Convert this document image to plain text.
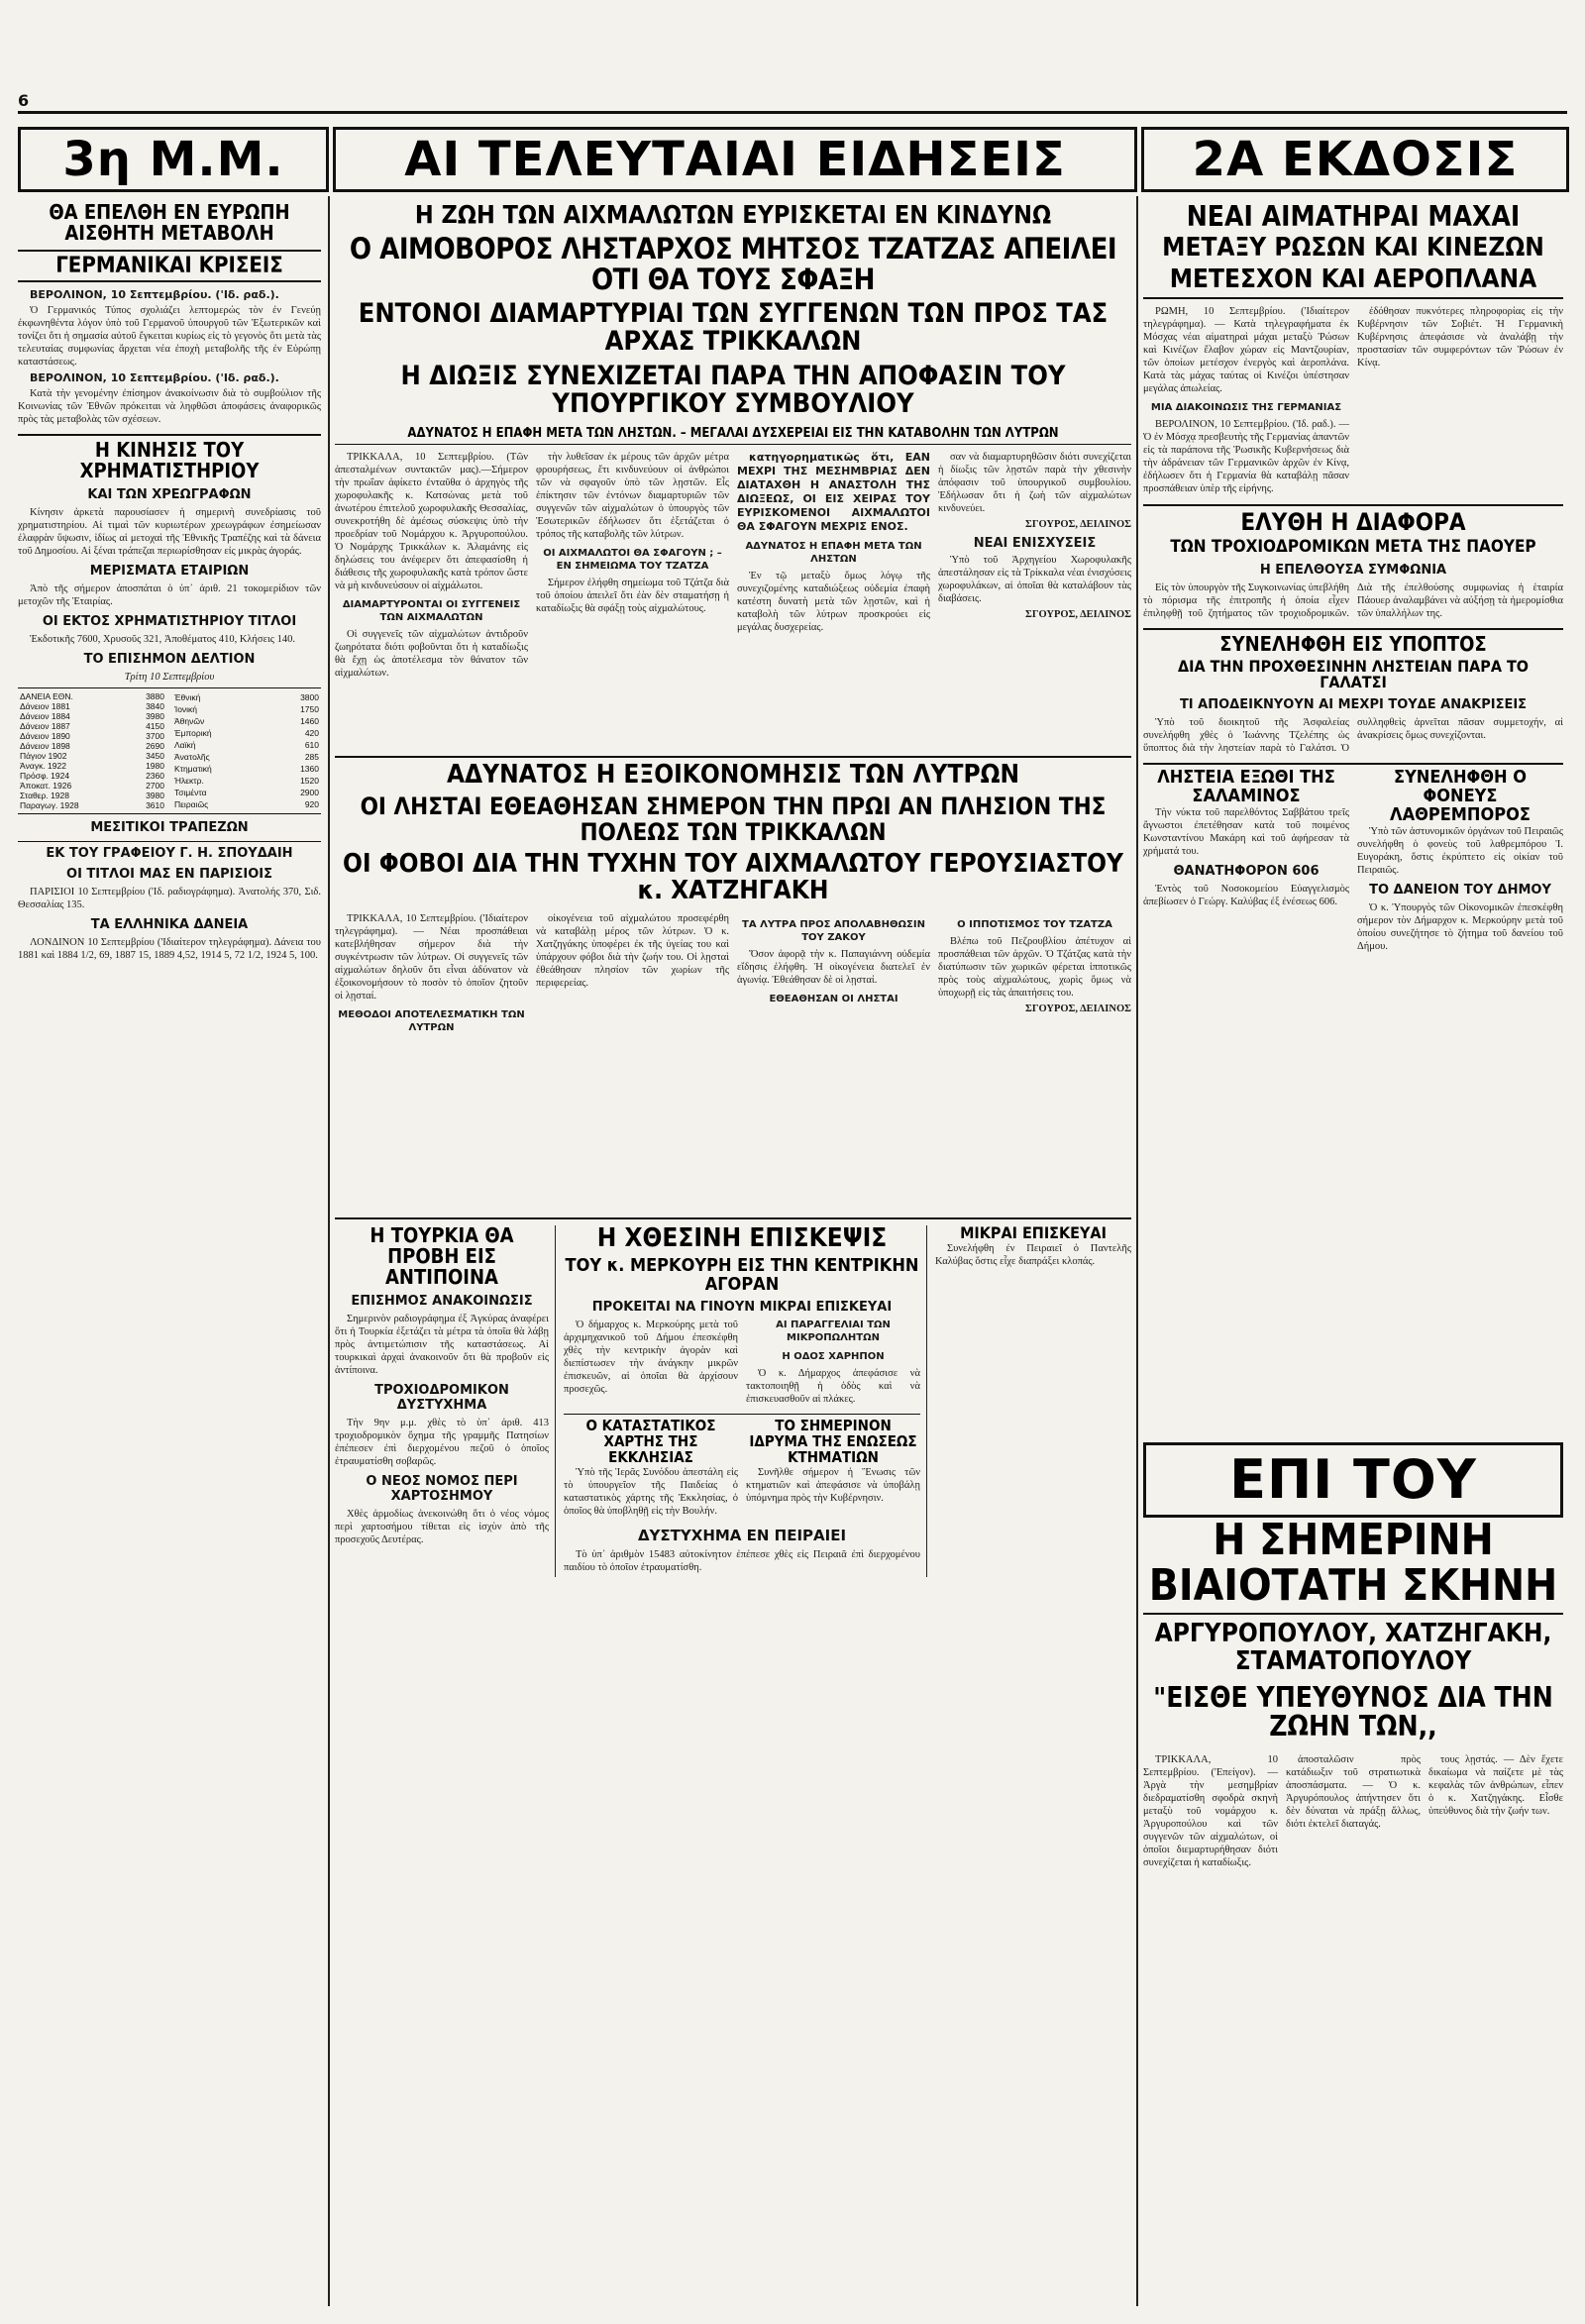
6
3η Μ.Μ.	ΑΙ ΤΕΛΕΥΤΑΙΑΙ ΕΙΔΗΣΕΙΣ	2Α ΕΚΔΟΣΙΣ
ΘΑ ΕΠΕΛΘΗ ΕΝ ΕΥΡΩΠΗ ΑΙΣΘΗΤΗ ΜΕΤΑΒΟΛΗ
ΓΕΡΜΑΝΙΚΑΙ ΚΡΙΣΕΙΣ

ΒΕΡΟΛΙΝΟΝ, 10 Σεπτεμβρίου. ('Ιδ. ραδ.).

Ὁ Γερμανικός Τύπος σχολιάζει λεπτομερώς τὸν ἐν Γενεύῃ ἐκφωνηθέντα λόγον ὑπὸ τοῦ Γερμανοῦ ὑπουργοῦ τῶν Ἐξωτερικῶν καὶ τονίζει ὅτι ἡ σημασία αὐτοῦ ἔγκειται κυρίως εἰς τὸ γεγονὸς ὅτι μετὰ τὰς τελευταίας συμφωνίας ἄρχεται νέα ἐποχὴ μεταβολῆς τῆς ἐν Εὐρώπῃ καταστάσεως.

ΒΕΡΟΛΙΝΟΝ, 10 Σεπτεμβρίου. ('Ιδ. ραδ.).

Κατὰ τὴν γενομένην ἐπίσημον ἀνακοίνωσιν διὰ τὸ συμβούλιον τῆς Κοινωνίας τῶν Ἐθνῶν πρόκειται νὰ ληφθῶσι ἀποφάσεις ἀναφορικῶς πρὸς τὰς μεταβολὰς τῶν σχέσεων.

Η ΚΙΝΗΣΙΣ ΤΟΥ ΧΡΗΜΑΤΙΣΤΗΡΙΟΥ
ΚΑΙ ΤΩΝ ΧΡΕΩΓΡΑΦΩΝ

Κίνησιν ἀρκετὰ παρουσίασεν ἡ σημερινὴ συνεδρίασις τοῦ χρηματιστηρίου. Αἱ τιμαὶ τῶν κυριωτέρων χρεωγράφων ἐσημείωσαν ἐλαφρὰν ὕψωσιν, ἰδίως αἱ μετοχαὶ τῆς Ἐθνικῆς Τραπέζης καὶ τὰ δάνεια τοῦ Δημοσίου. Αἱ ξέναι τράπεζαι περιωρίσθησαν εἰς μικρὰς ἀγοράς.

ΜΕΡΙΣΜΑΤΑ ΕΤΑΙΡΙΩΝ

Ἀπὸ τῆς σήμερον ἀποσπάται ὁ ὑπ᾽ ἀριθ. 21 τοκομερίδιον τῶν μετοχῶν τῆς Ἑταιρίας.

ΟΙ ΕΚΤΟΣ ΧΡΗΜΑΤΙΣΤΗΡΙΟΥ ΤΙΤΛΟΙ

Ἐκδοτικῆς 7600, Χρυσοῦς 321, Ἀποθέματος 410, Κλήσεις 140.

ΤΟ ΕΠΙΣΗΜΟΝ ΔΕΛΤΙΟΝ
Τρίτη 10 Σεπτεμβρίου
ΔΑΝΕΙΑ ΕΘΝ.	3880
Δάνειον 1881	3840
Δάνειον 1884	3980
Δάνειον 1887	4150
Δάνειον 1890	3700
Δάνειον 1898	2690
Πάγιον 1902	3450
Ἀναγκ. 1922	1980
Πρόσφ. 1924	2360
Ἀποκατ. 1926	2700
Σταθερ. 1928	3980
Παραγωγ. 1928	3610
Ἐθνική	3800
Ἰονική	1750
Ἀθηνῶν	1460
Ἐμπορική	420
Λαϊκή	610
Ἀνατολῆς	285
Κτηματική	1360
Ἡλεκτρ.	1520
Τσιμέντα	2900
Πειραιῶς	920
ΜΕΣΙΤΙΚΟΙ ΤΡΑΠΕΖΩΝ
ΕΚ ΤΟΥ ΓΡΑΦΕΙΟΥ Γ. Η. ΣΠΟΥΔΑΙΗ
ΟΙ ΤΙΤΛΟΙ ΜΑΣ ΕΝ ΠΑΡΙΣΙΟΙΣ

ΠΑΡΙΣΙΟΙ 10 Σεπτεμβρίου ('Ιδ. ραδιογράφημα). Ἀνατολής 370, Σιδ. Θεσσαλίας 135.

ΤΑ ΕΛΛΗΝΙΚΑ ΔΑΝΕΙΑ

ΛΟΝΔΙΝΟΝ 10 Σεπτεμβρίου ('Ιδιαίτερον τηλεγράφημα). Δάνεια του 1881 καὶ 1884 1/2, 69, 1887 15, 1889 4,52, 1914 5, 72 1/2, 1924 5, 100.

Η ΖΩΗ ΤΩΝ ΑΙΧΜΑΛΩΤΩΝ ΕΥΡΙΣΚΕΤΑΙ ΕΝ ΚΙΝΔΥΝΩ
Ο ΑΙΜΟΒΟΡΟΣ ΛΗΣΤΑΡΧΟΣ ΜΗΤΣΟΣ ΤΖΑΤΖΑΣ ΑΠΕΙΛΕΙ ΟΤΙ ΘΑ ΤΟΥΣ ΣΦΑΞΗ
ΕΝΤΟΝΟΙ ΔΙΑΜΑΡΤΥΡΙΑΙ ΤΩΝ ΣΥΓΓΕΝΩΝ ΤΩΝ ΠΡΟΣ ΤΑΣ ΑΡΧΑΣ ΤΡΙΚΚΑΛΩΝ
Η ΔΙΩΞΙΣ ΣΥΝΕΧΙΖΕΤΑΙ ΠΑΡΑ ΤΗΝ ΑΠΟΦΑΣΙΝ ΤΟΥ ΥΠΟΥΡΓΙΚΟΥ ΣΥΜΒΟΥΛΙΟΥ
ΑΔΥΝΑΤΟΣ Η ΕΠΑΦΗ ΜΕΤΑ ΤΩΝ ΛΗΣΤΩΝ. – ΜΕΓΑΛΑΙ ΔΥΣΧΕΡΕΙΑΙ ΕΙΣ ΤΗΝ ΚΑΤΑΒΟΛΗΝ ΤΩΝ ΛΥΤΡΩΝ

ΤΡΙΚΚΑΛΑ, 10 Σεπτεμβρίου. (Τῶν ἀπεσταλμένων συντακτῶν μας).—Σήμερον τὴν πρωΐαν ἀφίκετο ἐνταῦθα ὁ ἀρχηγὸς τῆς χωροφυλακῆς κ. Κατσώνας μετὰ τοῦ ἀνωτέρου ἐπιτελοῦ χωροφυλακῆς Θεσσαλίας, συνεκροτήθη δὲ ἀμέσως σύσκεψις ὑπὸ τὴν προεδρίαν τοῦ Νομάρχου κ. Ἀργυροπούλου. Ὁ Νομάρχης Τρικκάλων κ. Ἀλαμάνης εἰς δηλώσεις του ἀνέφερεν ὅτι ἀπεφασίσθη ἡ διάθεσις τῆς χωροφυλακῆς κατὰ τρόπον ὥστε νὰ μὴ κινδυνεύσουν οἱ αἰχμάλωτοι.

ΔΙΑΜΑΡΤΥΡΟΝΤΑΙ ΟΙ ΣΥΓΓΕΝΕΙΣ ΤΩΝ ΑΙΧΜΑΛΩΤΩΝ

Οἱ συγγενεῖς τῶν αἰχμαλώτων ἀντιδροῦν ζωηρότατα διότι φοβοῦνται ὅτι ἡ καταδίωξις θὰ ἔχῃ ὡς ἀποτέλεσμα τὸν θάνατον τῶν αἰχμαλώτων.

τὴν λυθεῖσαν ἐκ μέρους τῶν ἀρχῶν μέτρα φρουρήσεως, ἔτι κινδυνεύουν οἱ ἀνθρώποι τῶν νὰ σφαγοῦν ὑπὸ τῶν λῃστῶν. Εἶς ἐπίκτησιν τῶν ἐντόνων διαμαρτυριῶν τῶν συγγενῶν τῶν αἰχμαλώτων ὁ ὑπουργὸς τῶν Ἐσωτερικῶν ἐδήλωσεν ὅτι ἐξετάζεται ὁ τρόπος τῆς καταβολῆς τῶν λύτρων.

ΟΙ ΑΙΧΜΑΛΩΤΟΙ ΘΑ ΣΦΑΓΟΥΝ ; – ΕΝ ΣΗΜΕΙΩΜΑ ΤΟΥ ΤΖΑΤΖΑ

Σήμερον ἐλήφθη σημείωμα τοῦ Τζάτζα διὰ τοῦ ὁποίου ἀπειλεῖ ὅτι ἐὰν δὲν σταματήσῃ ἡ καταδίωξις θὰ σφάξῃ τοὺς αἰχμαλώτους.

κατηγορηματικῶς ὅτι, ΕΑΝ ΜΕΧΡΙ ΤΗΣ ΜΕΣΗΜΒΡΙΑΣ ΔΕΝ ΔΙΑΤΑΧΘΗ Η ΑΝΑΣΤΟΛΗ ΤΗΣ ΔΙΩΞΕΩΣ, ΟΙ ΕΙΣ ΧΕΙΡΑΣ ΤΟΥ ΕΥΡΙΣΚΟΜΕΝΟΙ ΑΙΧΜΑΛΩΤΟΙ ΘΑ ΣΦΑΓΟΥΝ ΜΕΧΡΙΣ ΕΝΟΣ.

ΑΔΥΝΑΤΟΣ Η ΕΠΑΦΗ ΜΕΤΑ ΤΩΝ ΛΗΣΤΩΝ

Ἐν τῷ μεταξὺ ὅμως λόγῳ τῆς συνεχιζομένης καταδιώξεως οὐδεμία ἐπαφὴ κατέστη δυνατὴ μετὰ τῶν λῃστῶν, καὶ ἡ καταβολὴ τῶν λύτρων προσκρούει εἰς μεγάλας δυσχερείας.

σαν νὰ διαμαρτυρηθῶσιν διότι συνεχίζεται ἡ δίωξις τῶν λῃστῶν παρὰ τὴν χθεσινὴν ἀπόφασιν τοῦ ὑπουργικοῦ συμβουλίου. Ἐδήλωσαν ὅτι ἡ ζωὴ τῶν αἰχμαλώτων κινδυνεύει.

ΣΓΟΥΡΟΣ, ΔΕΙΛΙΝΟΣ

ΝΕΑΙ ΕΝΙΣΧΥΣΕΙΣ

Ὑπὸ τοῦ Ἀρχηγείου Χωροφυλακῆς ἀπεστάλησαν εἰς τὰ Τρίκκαλα νέαι ἐνισχύσεις χωροφυλάκων, αἱ ὁποῖαι θὰ καταλάβουν τὰς διαβάσεις.

ΣΓΟΥΡΟΣ, ΔΕΙΛΙΝΟΣ

ΑΔΥΝΑΤΟΣ Η ΕΞΟΙΚΟΝΟΜΗΣΙΣ ΤΩΝ ΛΥΤΡΩΝ
ΟΙ ΛΗΣΤΑΙ ΕΘΕΑΘΗΣΑΝ ΣΗΜΕΡΟΝ ΤΗΝ ΠΡΩΙ ΑΝ ΠΛΗΣΙΟΝ ΤΗΣ ΠΟΛΕΩΣ ΤΩΝ ΤΡΙΚΚΑΛΩΝ
ΟΙ ΦΟΒΟΙ ΔΙΑ ΤΗΝ ΤΥΧΗΝ ΤΟΥ ΑΙΧΜΑΛΩΤΟΥ ΓΕΡΟΥΣΙΑΣΤΟΥ κ. ΧΑΤΖΗΓΑΚΗ

ΤΡΙΚΚΑΛΑ, 10 Σεπτεμβρίου. ('Ιδιαίτερον τηλεγράφημα). — Νέαι προσπάθειαι κατεβλήθησαν σήμερον διὰ τὴν συγκέντρωσιν τῶν λύτρων. Οἱ συγγενεῖς τῶν αἰχμαλώτων δηλοῦν ὅτι εἶναι ἀδύνατον νὰ ἐξοικονομήσουν τὸ ποσὸν τὸ ὁποῖον ζητοῦν οἱ λῃσταί.

ΜΕΘΟΔΟΙ ΑΠΟΤΕΛΕΣΜΑΤΙΚΗ ΤΩΝ ΛΥΤΡΩΝ

οἰκογένεια τοῦ αἰχμαλώτου προσεφέρθη νὰ καταβάλῃ μέρος τῶν λύτρων. Ὁ κ. Χατζηγάκης ὑποφέρει ἐκ τῆς ὑγείας του καὶ ὑπάρχουν φόβοι διὰ τὴν ζωήν του. Οἱ λῃσταὶ ἐθεάθησαν πλησίον τῶν χωρίων τῆς περιφερείας.

ΤΑ ΛΥΤΡΑ ΠΡΟΣ ΑΠΟΛΑΒΗΘΩΣΙΝ ΤΟΥ ΖΑΚΟΥ

Ὅσον ἀφορᾷ τὴν κ. Παπαγιάννη οὐδεμία εἴδησις ἐλήφθη. Ἡ οἰκογένεια διατελεῖ ἐν ἀγωνίᾳ. Ἐθεάθησαν δὲ οἱ λῃσταί.

ΕΘΕΑΘΗΣΑΝ ΟΙ ΛΗΣΤΑΙ
Ο ΙΠΠΟΤΙΣΜΟΣ ΤΟΥ ΤΖΑΤΖΑ

Βλέπω τοῦ Πεζρουβλίου ἀπέτυχον αἱ προσπάθειαι τῶν ἀρχῶν. Ὁ Τζάτζας κατὰ τὴν διατύπωσιν τῶν χωρικῶν φέρεται ἱπποτικῶς πρὸς τοὺς αἰχμαλώτους, χωρὶς ὅμως νὰ ὑποχωρῇ εἰς τὰς ἀπαιτήσεις του.

ΣΓΟΥΡΟΣ, ΔΕΙΛΙΝΟΣ

Η ΤΟΥΡΚΙΑ ΘΑ ΠΡΟΒΗ ΕΙΣ ΑΝΤΙΠΟΙΝΑ
ΕΠΙΣΗΜΟΣ ΑΝΑΚΟΙΝΩΣΙΣ

Σημερινὸν ραδιογράφημα ἐξ Ἀγκύρας ἀναφέρει ὅτι ἡ Τουρκία ἐξετάζει τὰ μέτρα τὰ ὁποῖα θὰ λάβῃ πρὸς ἀντιμετώπισιν τῆς καταστάσεως. Αἱ τουρκικαὶ ἀρχαὶ ἀνακοινοῦν ὅτι θὰ προβοῦν εἰς ἀντίποινα.

ΤΡΟΧΙΟΔΡΟΜΙΚΟΝ ΔΥΣΤΥΧΗΜΑ

Τὴν 9ην μ.μ. χθὲς τὸ ὑπ᾽ ἀριθ. 413 τροχιοδρομικὸν ὄχημα τῆς γραμμῆς Πατησίων ἐπέπεσεν ἐπὶ διερχομένου πεζοῦ ὁ ὁποῖος ἐτραυματίσθη σοβαρῶς.

Ο ΝΕΟΣ ΝΟΜΟΣ ΠΕΡΙ ΧΑΡΤΟΣΗΜΟΥ

Χθὲς ἀρμοδίως ἀνεκοινώθη ὅτι ὁ νέος νόμος περὶ χαρτοσήμου τίθεται εἰς ἰσχὺν ἀπὸ τῆς προσεχοῦς Δευτέρας.

Η ΧΘΕΣΙΝΗ ΕΠΙΣΚΕΨΙΣ
ΤΟΥ κ. ΜΕΡΚΟΥΡΗ ΕΙΣ ΤΗΝ ΚΕΝΤΡΙΚΗΝ ΑΓΟΡΑΝ
ΠΡΟΚΕΙΤΑΙ ΝΑ ΓΙΝΟΥΝ ΜΙΚΡΑΙ ΕΠΙΣΚΕΥΑΙ

Ὁ δήμαρχος κ. Μερκούρης μετὰ τοῦ ἀρχιμηχανικοῦ τοῦ Δήμου ἐπεσκέφθη χθὲς τὴν κεντρικὴν ἀγορὰν καὶ διεπίστωσεν τὴν ἀνάγκην μικρῶν ἐπισκευῶν, αἱ ὁποῖαι θὰ ἀρχίσουν προσεχῶς.

ΑΙ ΠΑΡΑΓΓΕΛΙΑΙ ΤΩΝ ΜΙΚΡΟΠΩΛΗΤΩΝ
Η ΟΔΟΣ ΧΑΡΗΠΟΝ

Ὁ κ. Δήμαρχος ἀπεφάσισε νὰ τακτοποιηθῇ ἡ ὁδὸς καὶ νὰ ἐπισκευασθοῦν αἱ πλάκες.

Ο ΚΑΤΑΣΤΑΤΙΚΟΣ ΧΑΡΤΗΣ ΤΗΣ ΕΚΚΛΗΣΙΑΣ

Ὑπὸ τῆς Ἱερᾶς Συνόδου ἀπεστάλη εἰς τὸ ὑπουργεῖον τῆς Παιδείας ὁ καταστατικὸς χάρτης τῆς Ἐκκλησίας, ὁ ὁποῖος θὰ ὑποβληθῇ εἰς τὴν Βουλήν.

ΤΟ ΣΗΜΕΡΙΝΟΝ ΙΔΡΥΜΑ ΤΗΣ ΕΝΩΣΕΩΣ ΚΤΗΜΑΤΙΩΝ

Συνῆλθε σήμερον ἡ Ἕνωσις τῶν κτηματιῶν καὶ ἀπεφάσισε νὰ ὑποβάλῃ ὑπόμνημα πρὸς τὴν Κυβέρνησιν.

ΔΥΣΤΥΧΗΜΑ ΕΝ ΠΕΙΡΑΙΕΙ

Τὸ ὑπ᾽ ἀριθμὸν 15483 αὐτοκίνητον ἐπέπεσε χθὲς εἰς Πειραιᾶ ἐπὶ διερχομένου παιδίου τὸ ὁποῖον ἐτραυματίσθη.

ΜΙΚΡΑΙ ΕΠΙΣΚΕΥΑΙ

Συνελήφθη ἐν Πειραιεῖ ὁ Παντελῆς Καλύβας ὅστις εἶχε διαπράξει κλοπάς.

ΝΕΑΙ ΑΙΜΑΤΗΡΑΙ ΜΑΧΑΙ
ΜΕΤΑΞΥ ΡΩΣΩΝ ΚΑΙ ΚΙΝΕΖΩΝ
ΜΕΤΕΣΧΟΝ ΚΑΙ ΑΕΡΟΠΛΑΝΑ

ΡΩΜΗ, 10 Σεπτεμβρίου. ('Ιδιαίτερον τηλεγράφημα). — Κατὰ τηλεγραφήματα ἐκ Μόσχας νέαι αἱματηραὶ μάχαι μεταξὺ Ῥώσων καὶ Κινέζων ἔλαβον χώραν εἰς Μαντζουρίαν, τῶν ὁποίων μετέσχον ἐνεργὸς καὶ ἀεροπλάνα. Κατὰ τὰς μάχας ταύτας οἱ Κινέζοι ὑπέστησαν μεγάλας ἀπωλείας.

ΜΙΑ ΔΙΑΚΟΙΝΩΣΙΣ ΤΗΣ ΓΕΡΜΑΝΙΑΣ

ΒΕΡΟΛΙΝΟΝ, 10 Σεπτεμβρίου. ('Ιδ. ραδ.). — Ὁ ἐν Μόσχᾳ πρεσβευτὴς τῆς Γερμανίας ἀπαντῶν εἰς τὰ παράπονα τῆς Ῥωσικῆς Κυβερνήσεως διὰ τὴν ἀδράνειαν τῶν Γερμανικῶν ἀρχῶν ἐν Κίνᾳ, ἐδήλωσεν ὅτι ἡ Γερμανία θὰ καταβάλῃ πᾶσαν προσπάθειαν ὑπὲρ τῆς εἰρήνης.

ἐδόθησαν πυκνότερες πληροφορίας εἰς τὴν Κυβέρνησιν τῶν Σοβιέτ. Ἡ Γερμανικὴ Κυβέρνησις ἀπεφάσισε νὰ ἀναλάβῃ τὴν προστασίαν τῶν συμφερόντων τῶν Ῥώσων ἐν Κίνᾳ.

ΕΛΥΘΗ Η ΔΙΑΦΟΡΑ
ΤΩΝ ΤΡΟΧΙΟΔΡΟΜΙΚΩΝ ΜΕΤΑ ΤΗΣ ΠΑΟΥΕΡ
Η ΕΠΕΛΘΟΥΣΑ ΣΥΜΦΩΝΙΑ

Εἰς τὸν ὑπουργὸν τῆς Συγκοινωνίας ὑπεβλήθη τὸ πόρισμα τῆς ἐπιτροπῆς ἡ ὁποία εἶχεν ἐπιληφθῇ τοῦ ζητήματος τῶν τροχιοδρομικῶν. Διὰ τῆς ἐπελθούσης συμφωνίας ἡ ἑταιρία Πάουερ ἀναλαμβάνει νὰ αὐξήσῃ τὰ ἡμερομίσθια τῶν ὑπαλλήλων της.

ΣΥΝΕΛΗΦΘΗ ΕΙΣ ΥΠΟΠΤΟΣ
ΔΙΑ ΤΗΝ ΠΡΟΧΘΕΣΙΝΗΝ ΛΗΣΤΕΙΑΝ ΠΑΡΑ ΤΟ ΓΑΛΑΤΣΙ
ΤΙ ΑΠΟΔΕΙΚΝΥΟΥΝ ΑΙ ΜΕΧΡΙ ΤΟΥΔΕ ΑΝΑΚΡΙΣΕΙΣ

Ὑπὸ τοῦ διοικητοῦ τῆς Ἀσφαλείας συνελήφθη χθὲς ὁ Ἰωάννης Τζελέπης ὡς ὕποπτος διὰ τὴν ληστείαν παρὰ τὸ Γαλάτσι. Ὁ συλληφθεὶς ἀρνεῖται πᾶσαν συμμετοχήν, αἱ ἀνακρίσεις ὅμως συνεχίζονται.

ΛΗΣΤΕΙΑ ΕΞΩΘΙ ΤΗΣ ΣΑΛΑΜΙΝΟΣ

Τὴν νύκτα τοῦ παρελθόντος Σαββάτου τρεῖς ἄγνωστοι ἐπετέθησαν κατὰ τοῦ ποιμένος Κωνσταντίνου Μακάρη καὶ τοῦ ἀφήρεσαν τὰ χρήματά του.

ΘΑΝΑΤΗΦΟΡΟΝ 606

Ἐντὸς τοῦ Νοσοκομείου Εὐαγγελισμὸς ἀπεβίωσεν ὁ Γεώργ. Καλύβας ἐξ ἐνέσεως 606.

ΣΥΝΕΛΗΦΘΗ Ο ΦΟΝΕΥΣ ΛΑΘΡΕΜΠΟΡΟΣ

Ὑπὸ τῶν ἀστυνομικῶν ὀργάνων τοῦ Πειραιῶς συνελήφθη ὁ φονεὺς τοῦ λαθρεμπόρου Ἰ. Ευγοράκη, ὅστις ἐκρύπτετο εἰς οἰκίαν τοῦ Πειραιῶς.

ΤΟ ΔΑΝΕΙΟΝ ΤΟΥ ΔΗΜΟΥ

Ὁ κ. Ὑπουργὸς τῶν Οἰκονομικῶν ἐπεσκέφθη σήμερον τὸν Δήμαρχον κ. Μερκούρην μετὰ τοῦ ὁποίου συνεζήτησε τὸ ζήτημα τοῦ δανείου τοῦ Δήμου.

ΕΠΙ ΤΟΥ
Η ΣΗΜΕΡΙΝΗ ΒΙΑΙΟΤΑΤΗ ΣΚΗΝΗ
ΑΡΓΥΡΟΠΟΥΛΟΥ, ΧΑΤΖΗΓΑΚΗ, ΣΤΑΜΑΤΟΠΟΥΛΟΥ
"ΕΙΣΘΕ ΥΠΕΥΘΥΝΟΣ ΔΙΑ ΤΗΝ ΖΩΗΝ ΤΩΝ,,

ΤΡΙΚΚΑΛΑ, 10 Σεπτεμβρίου. ('Επείγον). — Ἀργὰ τὴν μεσημβρίαν διεδραματίσθη σφοδρὰ σκηνὴ μεταξὺ τοῦ νομάρχου κ. Ἀργυροπούλου καὶ τῶν συγγενῶν τῶν αἰχμαλώτων, οἱ ὁποῖοι διεμαρτυρήθησαν διότι συνεχίζεται ἡ καταδίωξις.

ἀποσταλῶσιν πρὸς κατάδιωξιν τοῦ στρατιωτικὰ ἀποσπάσματα. — Ὁ κ. Ἀργυρόπουλος ἀπήντησεν ὅτι δὲν δύναται νὰ πράξῃ ἄλλως, διότι ἐκτελεῖ διαταγάς.

τους λῃστάς. — Δὲν ἔχετε δικαίωμα νὰ παίζετε μὲ τὰς κεφαλὰς τῶν ἀνθρώπων, εἶπεν ὁ κ. Χατζηγάκης. Εἶσθε ὑπεύθυνος διὰ τὴν ζωήν των.
